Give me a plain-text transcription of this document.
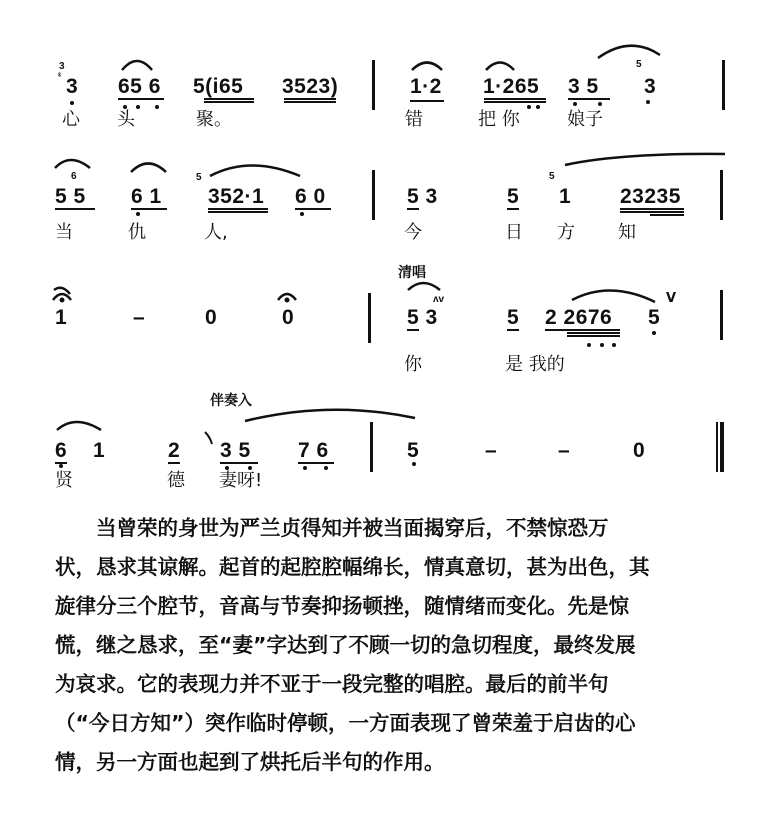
3
ᵋ 3 65 6 5(i65 3523)
心 头	聚。
1·2 1·265 3 5
5
3
错	把 你	娘子
5 5
6
6 1
5
352·1 6 0
当	仇	人,
5 3	5
5
1 23235
今	日 方 知
1	–	0	0
清唱
ʌv
5 3	5 2 2676 5
V
你	是 我的
伴奏入
6 1	2 3 5 7 6
贤	德 妻呀!
5	–	–	0

　　当曾荣的身世为严兰贞得知并被当面揭穿后，不禁惊恐万

状，恳求其谅解。起首的起腔腔幅绵长，情真意切，甚为出色，其

旋律分三个腔节，音高与节奏抑扬顿挫，随情绪而变化。先是惊

慌，继之恳求，至“妻”字达到了不顾一切的急切程度，最终发展

为哀求。它的表现力并不亚于一段完整的唱腔。最后的前半句

（“今日方知”）突作临时停顿，一方面表现了曾荣羞于启齿的心

情，另一方面也起到了烘托后半句的作用。
